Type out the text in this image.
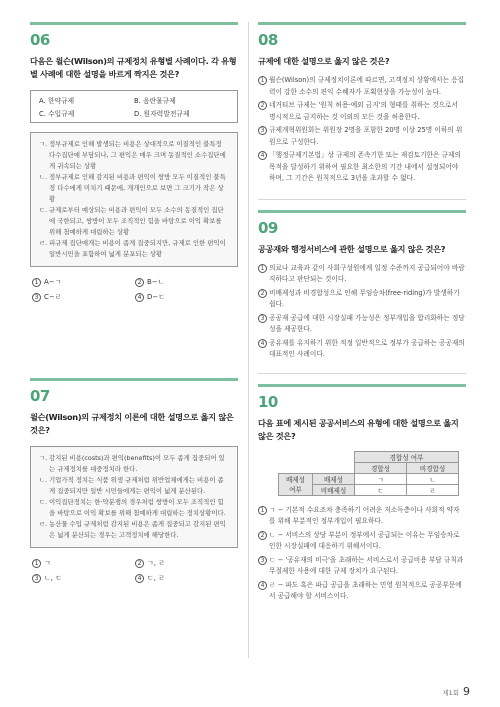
06
다음은 윌슨(Wilson)의 규제정치 유형별 사례이다. 각 유형별 사례에 대한 설명을 바르게 짝지은 것은?
A. 한약규제	B. 음란물규제
C. 수입규제	D. 원자력발전규제
ㄱ. 정부규제로 인해 발생되는 비용은 상대적으로 이질적인 불특정 다수집단에 부담되나, 그 편익은 매우 크며 동질적인 소수집단에게 귀속되는 상황
ㄴ. 정부규제로 인해 감지된 비용과 편익이 쌍방 모두 이질적인 불특정 다수에게 미치기 때문에, 개개인으로 보면 그 크기가 작은 상황
ㄷ. 규제로부터 예상되는 비용과 편익이 모두 소수의 동질적인 집단에 국한되고, 쌍방이 모두 조직적인 힘을 바탕으로 이익 확보를 위해 첨예하게 대립하는 상황
ㄹ. 피규제 집단에게는 비용이 좁게 집중되지만, 규제로 인한 편익이 일반시민을 포함하여 넓게 분포되는 상황
1 A−ㄱ	2 B−ㄴ
3 C−ㄹ	4 D−ㄷ
07
윌슨(Wilson)의 규제정치 이론에 대한 설명으로 옳지 않은 것은?
ㄱ. 감지된 비용(costs)과 편익(benefits)이 모두 좁게 집중되어 있는 규제정치를 대중정치라 한다.
ㄴ. 기업가적 정치는 식품 위생 규제처럼 위반업체에게는 비용이 좁게 집중되지만 일반 시민들에게는 편익이 넓게 분산된다.
ㄷ. 이익집단정치는 한·약분쟁의 경우처럼 쌍방이 모두 조직적인 힘을 바탕으로 이익 확보를 위해 첨예하게 대립하는 정치상황이다.
ㄹ. 농산물 수입 규제처럼 감지된 비용은 좁게 집중되고 감지된 편익은 넓게 분산되는 경우는 고객정치에 해당한다.
1 ㄱ	2 ㄱ, ㄹ
3 ㄴ, ㄷ	4 ㄷ, ㄹ
08
규제에 대한 설명으로 옳지 않은 것은?
1 윌슨(Wilson)의 규제정치이론에 따르면, 고객정치 상황에서는 응집력이 강한 소수의 편익 수혜자가 포획현상을 가능성이 높다.
2 네거티브 규제는 '원칙 허용-예외 금지'의 형태를 취하는 것으로서 명시적으로 금지하는 것 이외의 모든 것을 허용한다.
3 규제개혁위원회는 위원장 2명을 포함한 20명 이상 25명 이하의 위원으로 구성한다.
4 「행정규제기본법」상 규제의 존속기한 또는 재검토기한은 규제의 목적을 달성하기 위하여 필요한 최소한의 기간 내에서 설정되어야 하며, 그 기간은 원칙적으로 3년을 초과할 수 없다.
09
공공재와 행정서비스에 관한 설명으로 옳지 않은 것은?
1 의료나 교육과 같이 사회구성원에게 일정 수준까지 공급되어야 바람직하다고 판단되는 것이다.
2 비배제성과 비경합성으로 인해 무임승차(free-riding)가 발생하기 쉽다.
3 공공재 공급에 대한 시장실패 가능성은 정부개입을 합리화하는 정당성을 제공한다.
4 공유재를 유지하기 위한 적정 일반적으로 정부가 공급하는 공공재의 대표적인 사례이다.
10
다음 표에 제시된 공공서비스의 유형에 대한 설명으로 옳지 않은 것은?
		경합성 여부	
		경합성	비경합성
배제성 여부	배제성	ㄱ	ㄴ
	비배제성	ㄷ	ㄹ
1 ㄱ − 기본적 수요조차 충족하기 어려운 저소득층이나 사회적 약자를 위해 부분적인 정부개입이 필요하다.
2 ㄴ − 서비스의 상당 부분이 정부에서 공급되는 이유는 무임승차로 인한 시장실패에 대응하기 위해서이다.
3 ㄷ − '공유재의 비극'을 초래하는 서비스로서 공급비용 부담 규칙과 무절제한 사용에 대한 규제 장치가 요구된다.
4 ㄹ − 파도 혹은 파급 공급을 초래하는 민영 원칙적으로 공공부문에서 공급해야 할 서비스이다.
제1회 9
